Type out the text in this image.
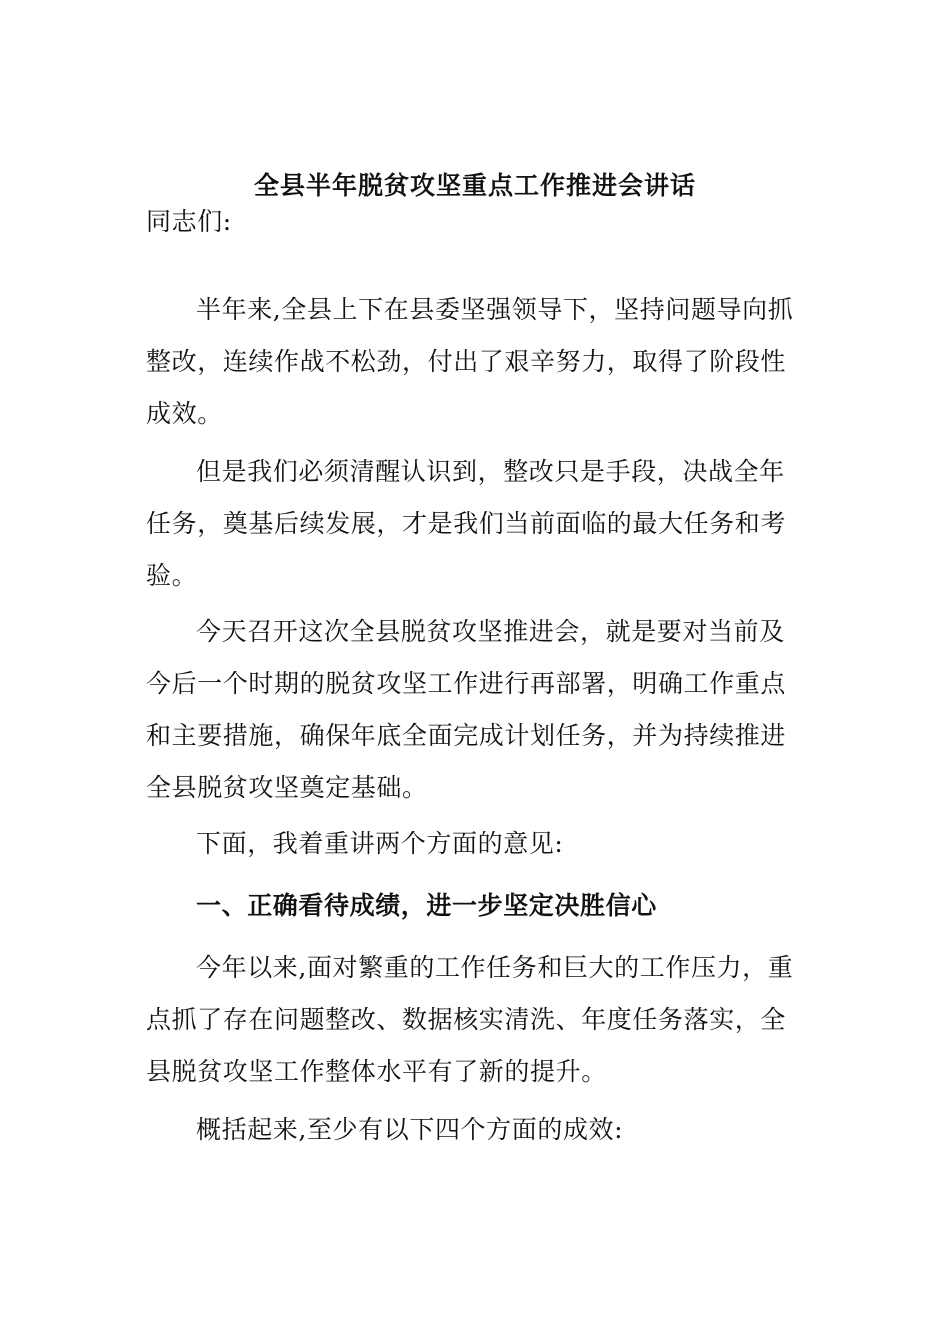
全县半年脱贫攻坚重点工作推进会讲话

同志们:

半年来,全县上下在县委坚强领导下，坚持问题导向抓整改，连续作战不松劲，付出了艰辛努力，取得了阶段性成效。

但是我们必须清醒认识到，整改只是手段，决战全年任务，奠基后续发展，才是我们当前面临的最大任务和考验。

今天召开这次全县脱贫攻坚推进会，就是要对当前及今后一个时期的脱贫攻坚工作进行再部署，明确工作重点和主要措施，确保年底全面完成计划任务，并为持续推进全县脱贫攻坚奠定基础。

下面，我着重讲两个方面的意见:

一、正确看待成绩，进一步坚定决胜信心

今年以来,面对繁重的工作任务和巨大的工作压力，重点抓了存在问题整改、数据核实清洗、年度任务落实，全县脱贫攻坚工作整体水平有了新的提升。

概括起来,至少有以下四个方面的成效:
